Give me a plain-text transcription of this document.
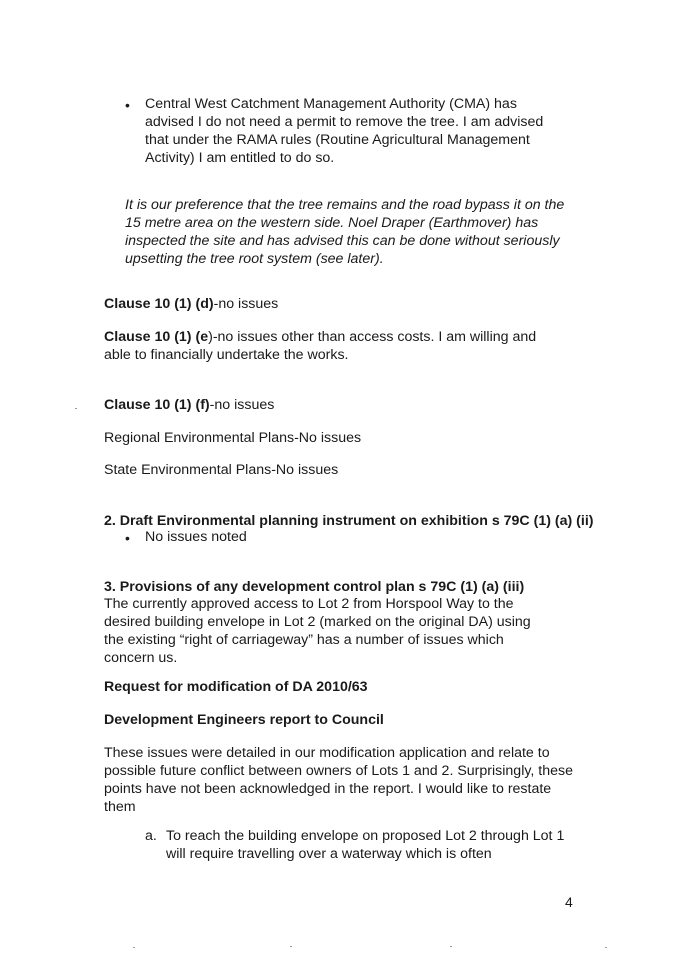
• Central West Catchment Management Authority (CMA) has advised I do not need a permit to remove the tree. I am advised that under the RAMA rules (Routine Agricultural Management Activity) I am entitled to do so.

It is our preference that the tree remains and the road bypass it on the 15 metre area on the western side. Noel Draper (Earthmover) has inspected the site and has advised this can be done without seriously upsetting the tree root system (see later).

Clause 10 (1) (d)-no issues

Clause 10 (1) (e)-no issues other than access costs. I am willing and able to financially undertake the works.

Clause 10 (1) (f)-no issues

Regional Environmental Plans-No issues

State Environmental Plans-No issues

2. Draft Environmental planning instrument on exhibition s 79C (1) (a) (ii)

• No issues noted

3. Provisions of any development control plan s 79C (1) (a) (iii)

The currently approved access to Lot 2 from Horspool Way to the desired building envelope in Lot 2 (marked on the original DA) using the existing “right of carriageway” has a number of issues which concern us.

Request for modification of DA 2010/63

Development Engineers report to Council

These issues were detailed in our modification application and relate to possible future conflict between owners of Lots 1 and 2. Surprisingly, these points have not been acknowledged in the report. I would like to restate them

a. To reach the building envelope on proposed Lot 2 through Lot 1 will require travelling over a waterway which is often

4
